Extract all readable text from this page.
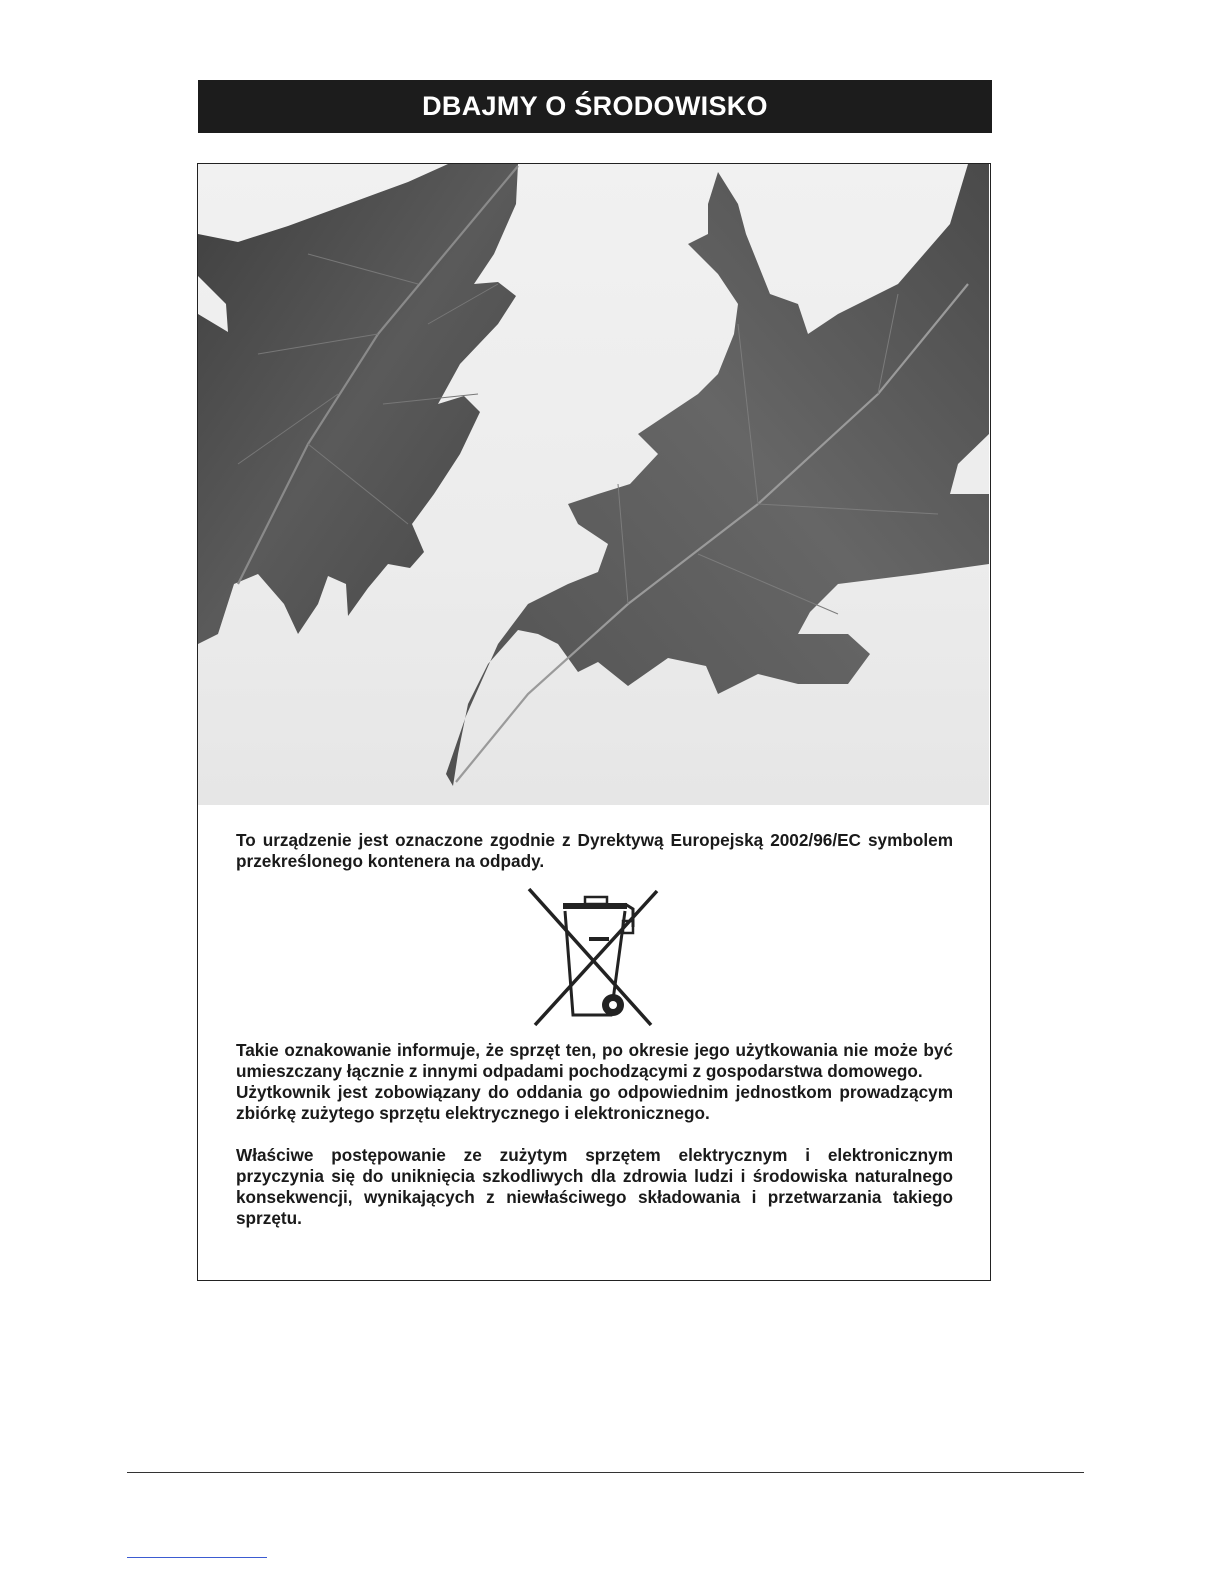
DBAJMY O ŚRODOWISKO

To urządzenie jest oznaczone zgodnie z Dyrektywą Europejską 2002/96/EC symbolem przekreślonego kontenera na odpady.

Takie oznakowanie informuje, że sprzęt ten, po okresie jego użytkowania nie może być umieszczany łącznie z innymi odpadami pochodzącymi z gospodarstwa domowego.

Użytkownik jest zobowiązany do oddania go odpowiednim jednostkom prowadzącym zbiórkę zużytego sprzętu elektrycznego i elektronicznego.

Właściwe postępowanie ze zużytym sprzętem elektrycznym i elektronicznym przyczynia się do uniknięcia szkodliwych dla zdrowia ludzi i środowiska naturalnego konsekwencji, wynikających z niewłaściwego składowania i przetwarzania takiego sprzętu.
